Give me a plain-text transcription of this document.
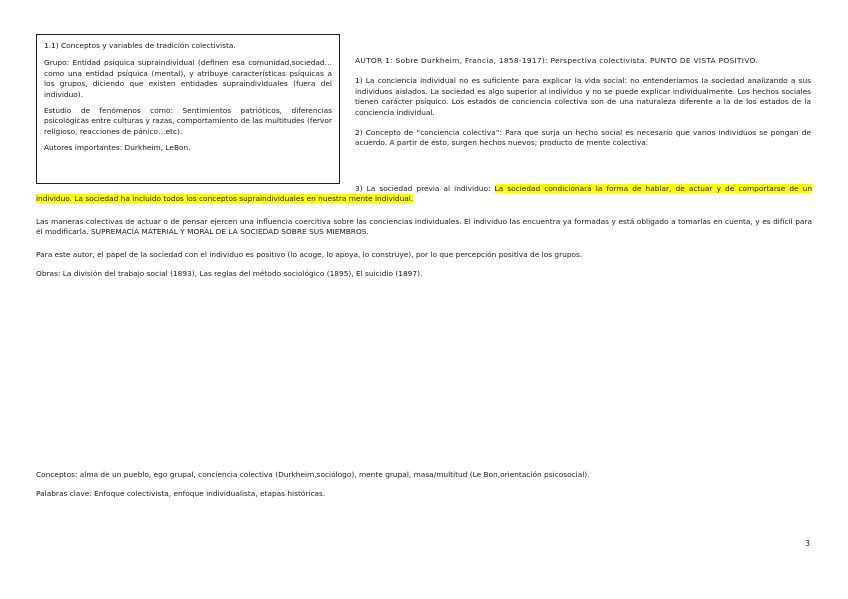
1.1) Conceptos y variables de tradición colectivista.

Grupo: Entidad psíquica supraindividual (definen esa comunidad,sociedad… como una entidad psíquica (mental), y atribuye características psíquicas a los grupos, diciendo que existen entidades supraindividuales (fuera del individuo).

Estudio de fenómenos como: Sentimientos patrióticos, diferencias psicológicas entre culturas y razas, comportamiento de las multitudes (fervor religioso, reacciones de pánico…etc).

Autores importantes: Durkheim, LeBon.

AUTOR 1: Sobre Durkheim, Francia, 1858-1917): Perspectiva colectivista. PUNTO DE VISTA POSITIVO.

1) La conciencia individual no es suficiente para explicar la vida social: no entenderíamos la sociedad analizando a sus individuos aislados. La sociedad es algo superior al individuo y no se puede explicar individualmente. Los hechos sociales tienen carácter psíquico. Los estados de conciencia colectiva son de una naturaleza diferente a la de los estados de la conciencia individual.

2) Concepto de “conciencia colectiva”: Para que surja un hecho social es necesario que varios individuos se pongan de acuerdo. A partir de esto, surgen hechos nuevos; producto de mente colectiva.

3) La sociedad previa al individuo: La sociedad condicionará la forma de hablar, de actuar y de comportarse de un individuo. La sociedad ha incluido todos los conceptos supraindividuales en nuestra mente individual.
Las maneras colectivas de actuar o de pensar ejercen una influencia coercitiva sobre las conciencias individuales. El individuo las encuentra ya formadas y está obligado a tomarlas en cuenta, y es difícil para él modificarla. SUPREMACÍA MATERIAL Y MORAL DE LA SOCIEDAD SOBRE SUS MIEMBROS.
Para este autor, el papel de la sociedad con el individuo es positivo (lo acoge, lo apoya, lo construye), por lo que percepción positiva de los grupos.
Obras: La división del trabajo social (1893), Las reglas del método sociológico (1895), El suicidio (1897).
Conceptos: alma de un pueblo, ego grupal, conciencia colectiva (Durkheim,sociólogo), mente grupal, masa/multitud (Le Bon,orientación psicosocial).
Palabras clave: Enfoque colectivista, enfoque individualista, etapas históricas.
3
